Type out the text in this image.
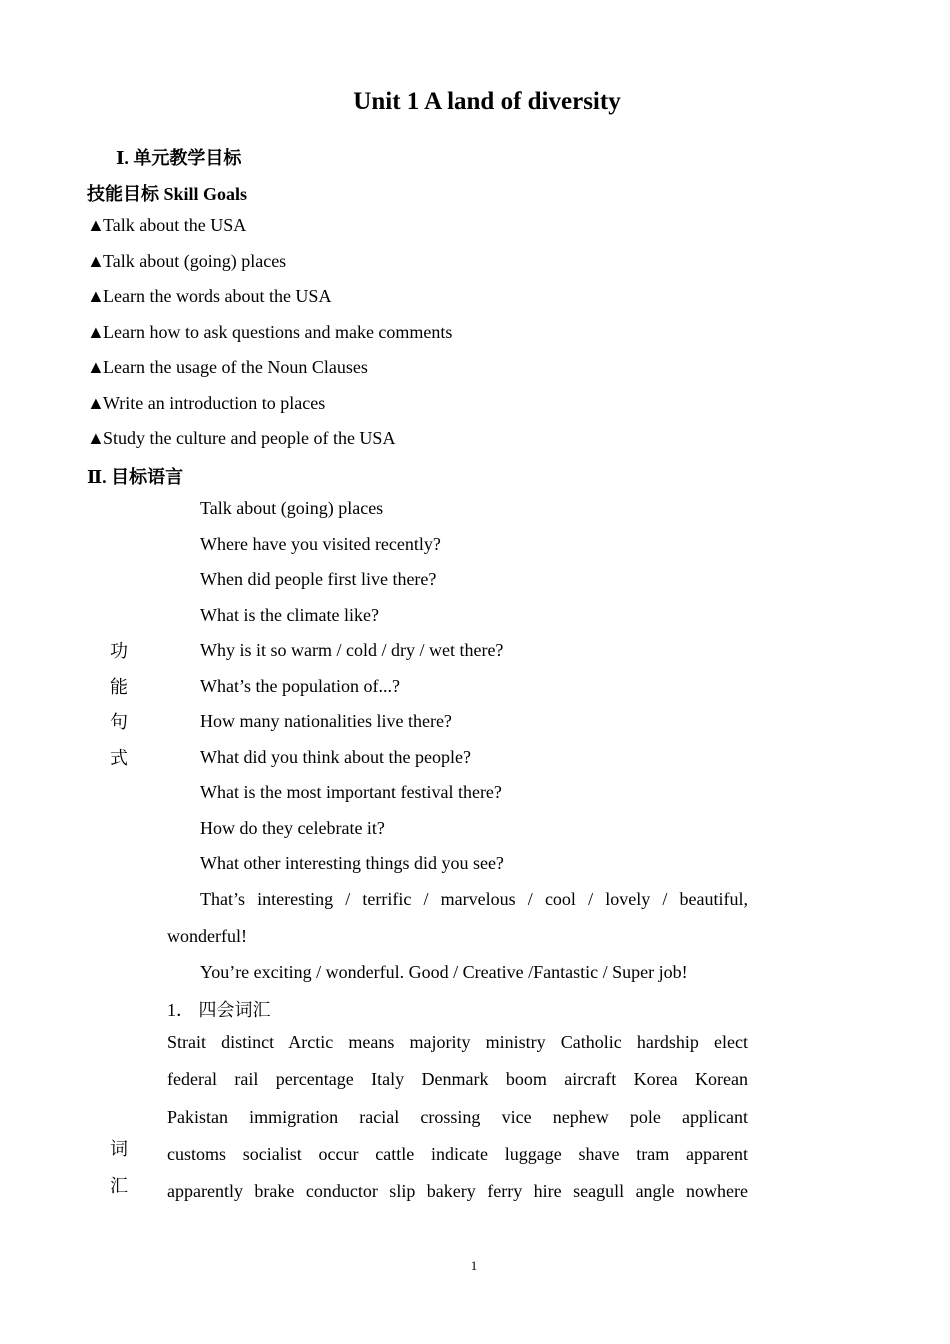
Unit 1 A land of diversity
Ⅰ. 单元教学目标
技能目标 Skill Goals
▲Talk about the USA
▲Talk about (going) places
▲Learn the words about the USA
▲Learn how to ask questions and make comments
▲Learn the usage of the Noun Clauses
▲Write an introduction to places
▲Study the culture and people of the USA
Ⅱ. 目标语言
功
能
句
式
Talk about (going) places
Where have you visited recently?
When did people first live there?
What is the climate like?
Why is it so warm / cold / dry / wet there?
What’s the population of...?
How many nationalities live there?
What did you think about the people?
What is the most important festival there?
How do they celebrate it?
What other interesting things did you see?
That’s interesting / terrific / marvelous / cool / lovely / beautiful,
wonderful!
You’re exciting / wonderful. Good / Creative /Fantastic / Super job!
1． 四会词汇
词
汇
Strait distinct Arctic means majority ministry Catholic hardship elect
federal rail percentage Italy Denmark boom aircraft Korea Korean
Pakistan immigration racial crossing vice nephew pole applicant
customs socialist occur cattle indicate luggage shave tram apparent
apparently brake conductor slip bakery ferry hire seagull angle nowhere
1
